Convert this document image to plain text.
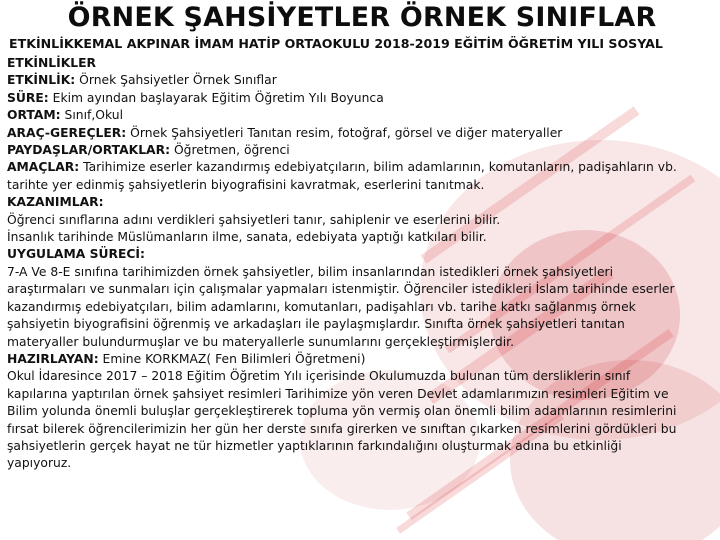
ÖRNEK ŞAHSİYETLER ÖRNEK SINIFLAR
ETKİNLİKKEMAL AKPINAR İMAM HATİP ORTAOKULU 2018-2019 EĞİTİM ÖĞRETİM YILI SOSYAL
ETKİNLİKLER
ETKİNLİK: Örnek Şahsiyetler Örnek Sınıflar
SÜRE: Ekim ayından başlayarak Eğitim Öğretim Yılı Boyunca
ORTAM: Sınıf,Okul
ARAÇ-GEREÇLER: Örnek Şahsiyetleri Tanıtan resim, fotoğraf, görsel ve diğer materyaller
PAYDAŞLAR/ORTAKLAR: Öğretmen, öğrenci
AMAÇLAR: Tarihimize eserler kazandırmış edebiyatçıların, bilim adamlarının, komutanların, padişahların vb.
tarihte yer edinmiş şahsiyetlerin biyografisini kavratmak, eserlerini tanıtmak.
KAZANIMLAR:
Öğrenci sınıflarına adını verdikleri şahsiyetleri tanır, sahiplenir ve eserlerini bilir.
İnsanlık tarihinde Müslümanların ilme, sanata, edebiyata yaptığı katkıları bilir.
UYGULAMA SÜRECİ:
7-A Ve 8-E sınıfına tarihimizden örnek şahsiyetler, bilim insanlarından istedikleri örnek şahsiyetleri
araştırmaları ve sunmaları için çalışmalar yapmaları istenmiştir. Öğrenciler istedikleri İslam tarihinde eserler
kazandırmış edebiyatçıları, bilim adamlarını, komutanları, padişahları vb. tarihe katkı sağlanmış örnek
şahsiyetin biyografisini öğrenmiş ve arkadaşları ile paylaşmışlardır. Sınıfta örnek şahsiyetleri tanıtan
materyaller bulundurmuşlar ve bu materyallerle sunumlarını gerçekleştirmişlerdir.
HAZIRLAYAN: Emine KORKMAZ( Fen Bilimleri Öğretmeni)
Okul İdaresince 2017 – 2018 Eğitim Öğretim Yılı içerisinde Okulumuzda bulunan tüm dersliklerin sınıf
kapılarına yaptırılan örnek şahsiyet resimleri Tarihimize yön veren Devlet adamlarımızın resimleri Eğitim ve
Bilim yolunda önemli buluşlar gerçekleştirerek topluma yön vermiş olan önemli bilim adamlarının resimlerini
fırsat bilerek öğrencilerimizin her gün her derste sınıfa girerken ve sınıftan çıkarken resimlerini gördükleri bu
şahsiyetlerin gerçek hayat ne tür hizmetler yaptıklarının farkındalığını oluşturmak adına bu etkinliği
yapıyoruz.
